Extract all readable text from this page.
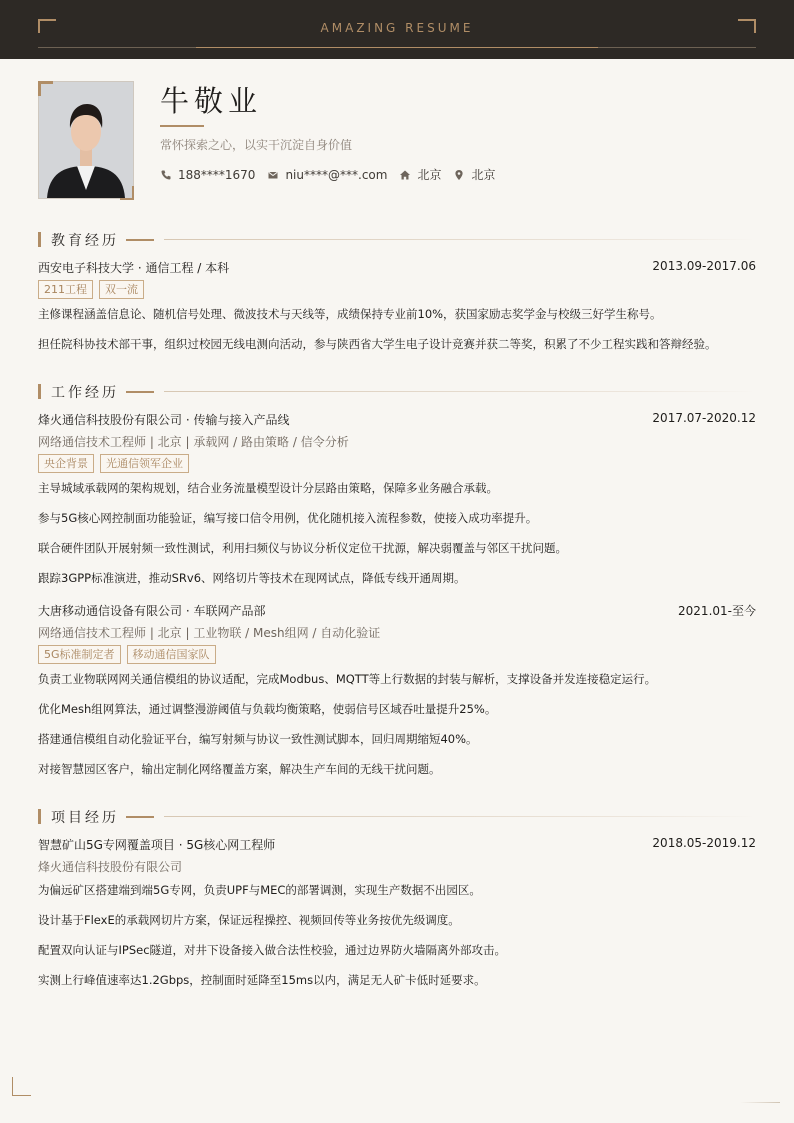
AMAZING RESUME
牛敬业
常怀探索之心，以实干沉淀自身价值
188****1670	niu****@***.com	北京	北京
教育经历
西安电子科技大学 · 通信工程 / 本科	2013.09-2017.06
211工程	双一流
主修课程涵盖信息论、随机信号处理、微波技术与天线等，成绩保持专业前10%，获国家励志奖学金与校级三好学生称号。
担任院科协技术部干事，组织过校园无线电测向活动，参与陕西省大学生电子设计竞赛并获二等奖，积累了不少工程实践和答辩经验。
工作经历
烽火通信科技股份有限公司 · 传输与接入产品线	2017.07-2020.12
网络通信技术工程师 | 北京 | 承载网 / 路由策略 / 信令分析
央企背景	光通信领军企业
主导城域承载网的架构规划，结合业务流量模型设计分层路由策略，保障多业务融合承载。
参与5G核心网控制面功能验证，编写接口信令用例，优化随机接入流程参数，使接入成功率提升。
联合硬件团队开展射频一致性测试，利用扫频仪与协议分析仪定位干扰源，解决弱覆盖与邻区干扰问题。
跟踪3GPP标准演进，推动SRv6、网络切片等技术在现网试点，降低专线开通周期。
大唐移动通信设备有限公司 · 车联网产品部	2021.01-至今
网络通信技术工程师 | 北京 | 工业物联 / Mesh组网 / 自动化验证
5G标准制定者	移动通信国家队
负责工业物联网网关通信模组的协议适配，完成Modbus、MQTT等上行数据的封装与解析，支撑设备并发连接稳定运行。
优化Mesh组网算法，通过调整漫游阈值与负载均衡策略，使弱信号区域吞吐量提升25%。
搭建通信模组自动化验证平台，编写射频与协议一致性测试脚本，回归周期缩短40%。
对接智慧园区客户，输出定制化网络覆盖方案，解决生产车间的无线干扰问题。
项目经历
智慧矿山5G专网覆盖项目 · 5G核心网工程师	2018.05-2019.12
烽火通信科技股份有限公司
为偏远矿区搭建端到端5G专网，负责UPF与MEC的部署调测，实现生产数据不出园区。
设计基于FlexE的承载网切片方案，保证远程操控、视频回传等业务按优先级调度。
配置双向认证与IPSec隧道，对井下设备接入做合法性校验，通过边界防火墙隔离外部攻击。
实测上行峰值速率达1.2Gbps，控制面时延降至15ms以内，满足无人矿卡低时延要求。
